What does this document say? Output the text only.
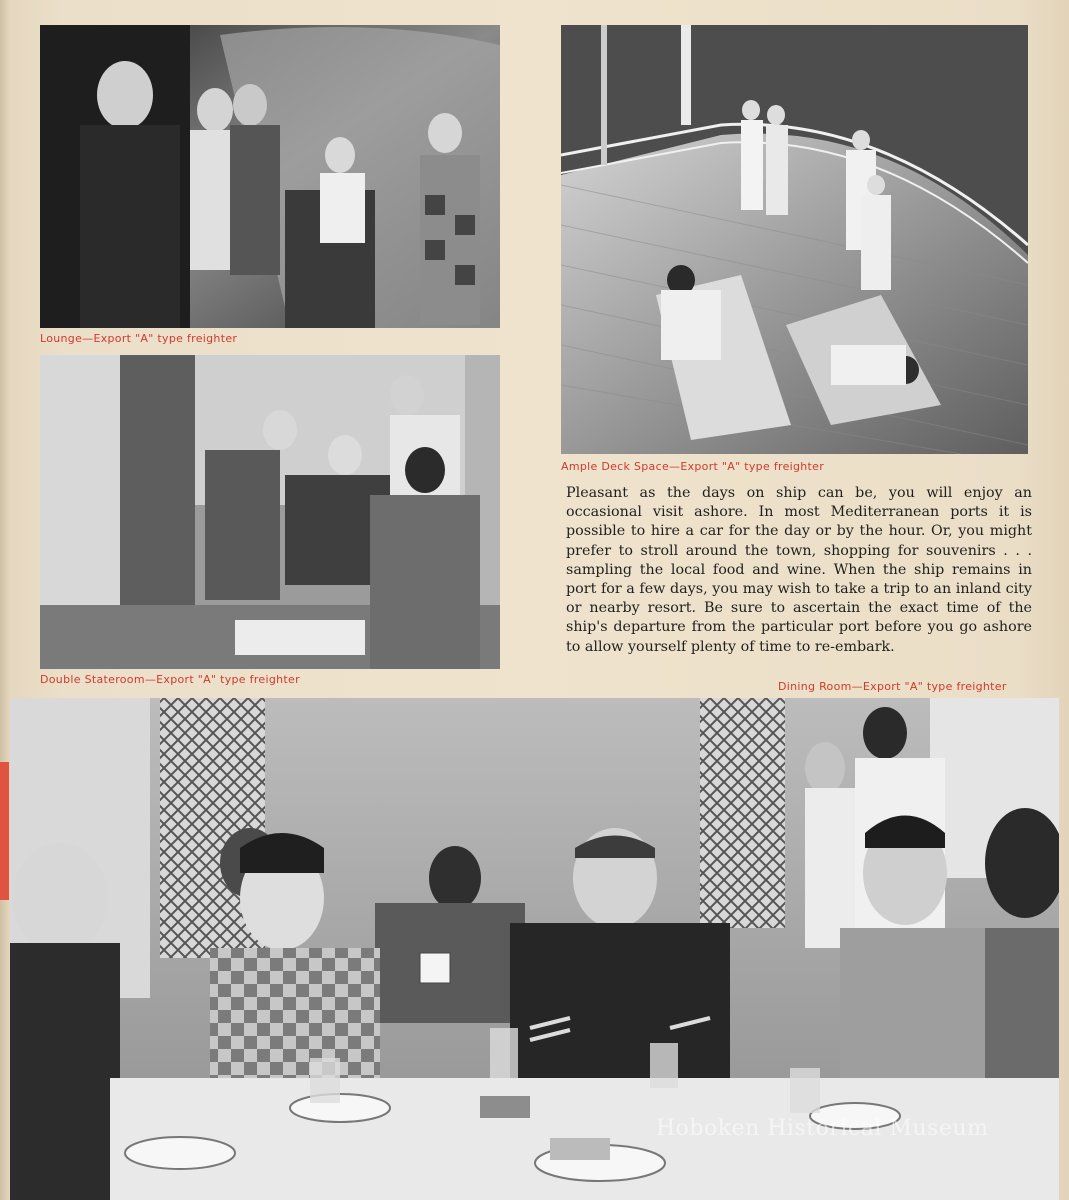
Lounge—Export "A" type freighter
Double Stateroom—Export "A" type freighter
Ample Deck Space—Export "A" type freighter

Pleasant as the days on ship can be, you will enjoy an occasional visit ashore. In most Mediterranean ports it is possible to hire a car for the day or by the hour. Or, you might prefer to stroll around the town, shopping for souvenirs . . . sampling the local food and wine. When the ship remains in port for a few days, you may wish to take a trip to an inland city or nearby resort. Be sure to ascertain the exact time of the ship's departure from the particular port before you go ashore to allow yourself plenty of time to re-embark.

Dining Room—Export "A" type freighter
Hoboken Historical Museum
